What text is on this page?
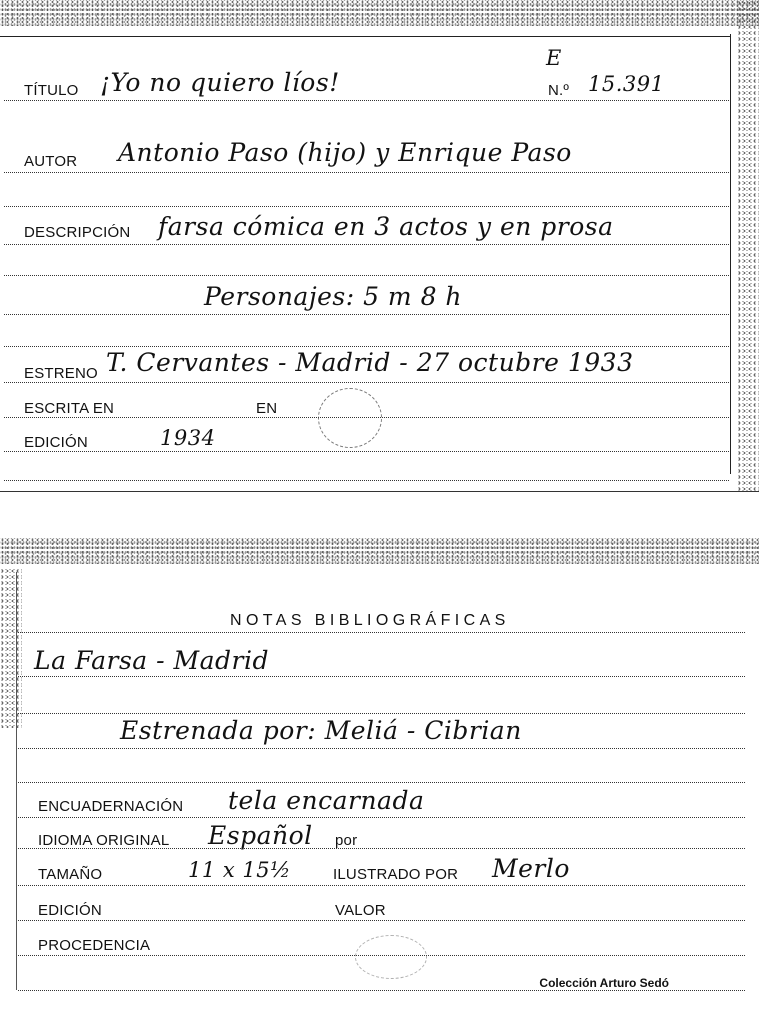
TÍTULO ¡Yo no quiero líos!
E
N.º 15.391
AUTOR Antonio Paso (hijo) y Enrique Paso
DESCRIPCIÓN farsa cómica en 3 actos y en prosa
Personajes: 5 m 8 h
ESTRENO T. Cervantes - Madrid - 27 octubre 1933
ESCRITA EN	EN
EDICIÓN	1934
NOTAS BIBLIOGRÁFICAS
La Farsa - Madrid
Estrenada por: Meliá - Cibrian
ENCUADERNACIÓN tela encarnada
IDIOMA ORIGINAL Español por
TAMAÑO	11 x 15½	ILUSTRADO POR Merlo
EDICIÓN	VALOR
PROCEDENCIA
Colección Arturo Sedó
